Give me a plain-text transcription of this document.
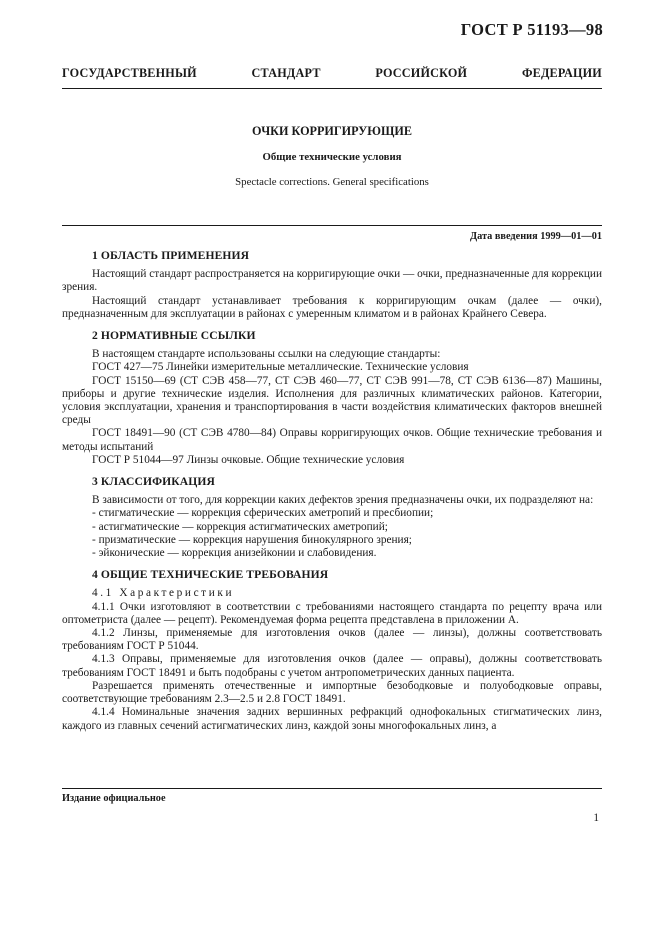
ГОСТ Р 51193—98
ГОСУДАРСТВЕННЫЙ СТАНДАРТ РОССИЙСКОЙ ФЕДЕРАЦИИ
ОЧКИ КОРРИГИРУЮЩИЕ
Общие технические условия
Spectacle corrections. General specifications
Дата введения 1999—01—01
1 ОБЛАСТЬ ПРИМЕНЕНИЯ

Настоящий стандарт распространяется на корригирующие очки — очки, предназначенные для коррекции зрения.

Настоящий стандарт устанавливает требования к корригирующим очкам (далее — очки), предназначенным для эксплуатации в районах с умеренным климатом и в районах Крайнего Севера.

2 НОРМАТИВНЫЕ ССЫЛКИ

В настоящем стандарте использованы ссылки на следующие стандарты:

ГОСТ 427—75 Линейки измерительные металлические. Технические условия

ГОСТ 15150—69 (СТ СЭВ 458—77, СТ СЭВ 460—77, СТ СЭВ 991—78, СТ СЭВ 6136—87) Машины, приборы и другие технические изделия. Исполнения для различных климатических районов. Категории, условия эксплуатации, хранения и транспортирования в части воздействия климатических факторов внешней среды

ГОСТ 18491—90 (СТ СЭВ 4780—84) Оправы корригирующих очков. Общие технические требования и методы испытаний

ГОСТ Р 51044—97 Линзы очковые. Общие технические условия

3 КЛАССИФИКАЦИЯ

В зависимости от того, для коррекции каких дефектов зрения предназначены очки, их подразделяют на:

- стигматические — коррекция сферических аметропий и пресбиопии;
- астигматические — коррекция астигматических аметропий;
- призматические — коррекция нарушения бинокулярного зрения;
- эйконические — коррекция анизейконии и слабовидения.
4 ОБЩИЕ ТЕХНИЧЕСКИЕ ТРЕБОВАНИЯ

4.1 Характеристики

4.1.1 Очки изготовляют в соответствии с требованиями настоящего стандарта по рецепту врача или оптометриста (далее — рецепт). Рекомендуемая форма рецепта представлена в приложении А.

4.1.2 Линзы, применяемые для изготовления очков (далее — линзы), должны соответствовать требованиям ГОСТ Р 51044.

4.1.3 Оправы, применяемые для изготовления очков (далее — оправы), должны соответствовать требованиям ГОСТ 18491 и быть подобраны с учетом антропометрических данных пациента.

Разрешается применять отечественные и импортные безободковые и полуободковые оправы, соответствующие требованиям 2.3—2.5 и 2.8 ГОСТ 18491.

4.1.4 Номинальные значения задних вершинных рефракций однофокальных стигматических линз, каждого из главных сечений астигматических линз, каждой зоны многофокальных линз, а

Издание официальное
1
